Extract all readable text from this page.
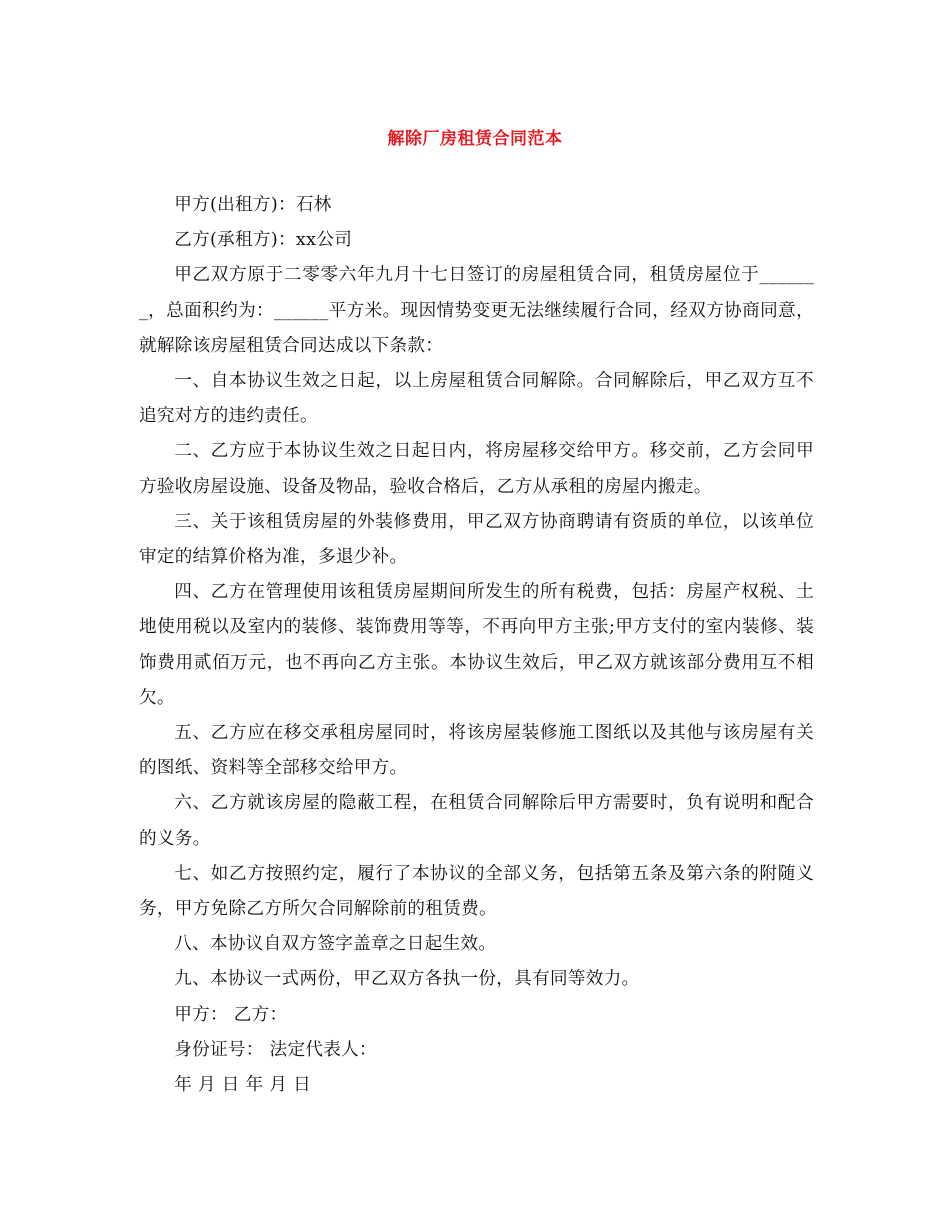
解除厂房租赁合同范本

甲方(出租方)：石林

乙方(承租方)：xx公司

甲乙双方原于二零零六年九月十七日签订的房屋租赁合同，租赁房屋位于_______，总面积约为：______平方米。现因情势变更无法继续履行合同，经双方协商同意，就解除该房屋租赁合同达成以下条款：

一、自本协议生效之日起，以上房屋租赁合同解除。合同解除后，甲乙双方互不追究对方的违约责任。

二、乙方应于本协议生效之日起日内，将房屋移交给甲方。移交前，乙方会同甲方验收房屋设施、设备及物品，验收合格后，乙方从承租的房屋内搬走。

三、关于该租赁房屋的外装修费用，甲乙双方协商聘请有资质的单位，以该单位审定的结算价格为准，多退少补。

四、乙方在管理使用该租赁房屋期间所发生的所有税费，包括：房屋产权税、土地使用税以及室内的装修、装饰费用等等，不再向甲方主张;甲方支付的室内装修、装饰费用贰佰万元，也不再向乙方主张。本协议生效后，甲乙双方就该部分费用互不相欠。

五、乙方应在移交承租房屋同时，将该房屋装修施工图纸以及其他与该房屋有关的图纸、资料等全部移交给甲方。

六、乙方就该房屋的隐蔽工程，在租赁合同解除后甲方需要时，负有说明和配合的义务。

七、如乙方按照约定，履行了本协议的全部义务，包括第五条及第六条的附随义务，甲方免除乙方所欠合同解除前的租赁费。

八、本协议自双方签字盖章之日起生效。

九、本协议一式两份，甲乙双方各执一份，具有同等效力。

甲方： 乙方：

身份证号： 法定代表人：

年 月 日 年 月 日
